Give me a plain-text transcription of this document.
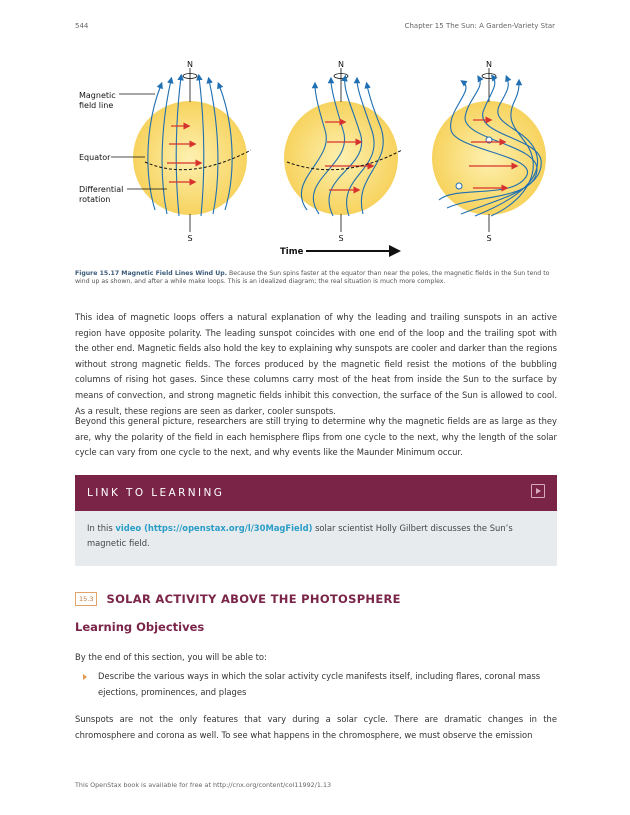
544	Chapter 15 The Sun: A Garden-Variety Star
N	N	N
S	S	S
Magnetic
field line
Equator
Differential
rotation
Time
Figure 15.17 Magnetic Field Lines Wind Up. Because the Sun spins faster at the equator than near the poles, the magnetic fields in the Sun tend to wind up as shown, and after a while make loops. This is an idealized diagram; the real situation is much more complex.

This idea of magnetic loops offers a natural explanation of why the leading and trailing sunspots in an active region have opposite polarity. The leading sunspot coincides with one end of the loop and the trailing spot with the other end. Magnetic fields also hold the key to explaining why sunspots are cooler and darker than the regions without strong magnetic fields. The forces produced by the magnetic field resist the motions of the bubbling columns of rising hot gases. Since these columns carry most of the heat from inside the Sun to the surface by means of convection, and strong magnetic fields inhibit this convection, the surface of the Sun is allowed to cool. As a result, these regions are seen as darker, cooler sunspots.

Beyond this general picture, researchers are still trying to determine why the magnetic fields are as large as they are, why the polarity of the field in each hemisphere flips from one cycle to the next, why the length of the solar cycle can vary from one cycle to the next, and why events like the Maunder Minimum occur.

LINK TO LEARNING
In this video (https://openstax.org/l/30MagField) solar scientist Holly Gilbert discusses the Sun’s magnetic field.
15.3	SOLAR ACTIVITY ABOVE THE PHOTOSPHERE
Learning Objectives

By the end of this section, you will be able to:

Describe the various ways in which the solar activity cycle manifests itself, including flares, coronal mass ejections, prominences, and plages

Sunspots are not the only features that vary during a solar cycle. There are dramatic changes in the chromosphere and corona as well. To see what happens in the chromosphere, we must observe the emission

This OpenStax book is available for free at http://cnx.org/content/col11992/1.13
